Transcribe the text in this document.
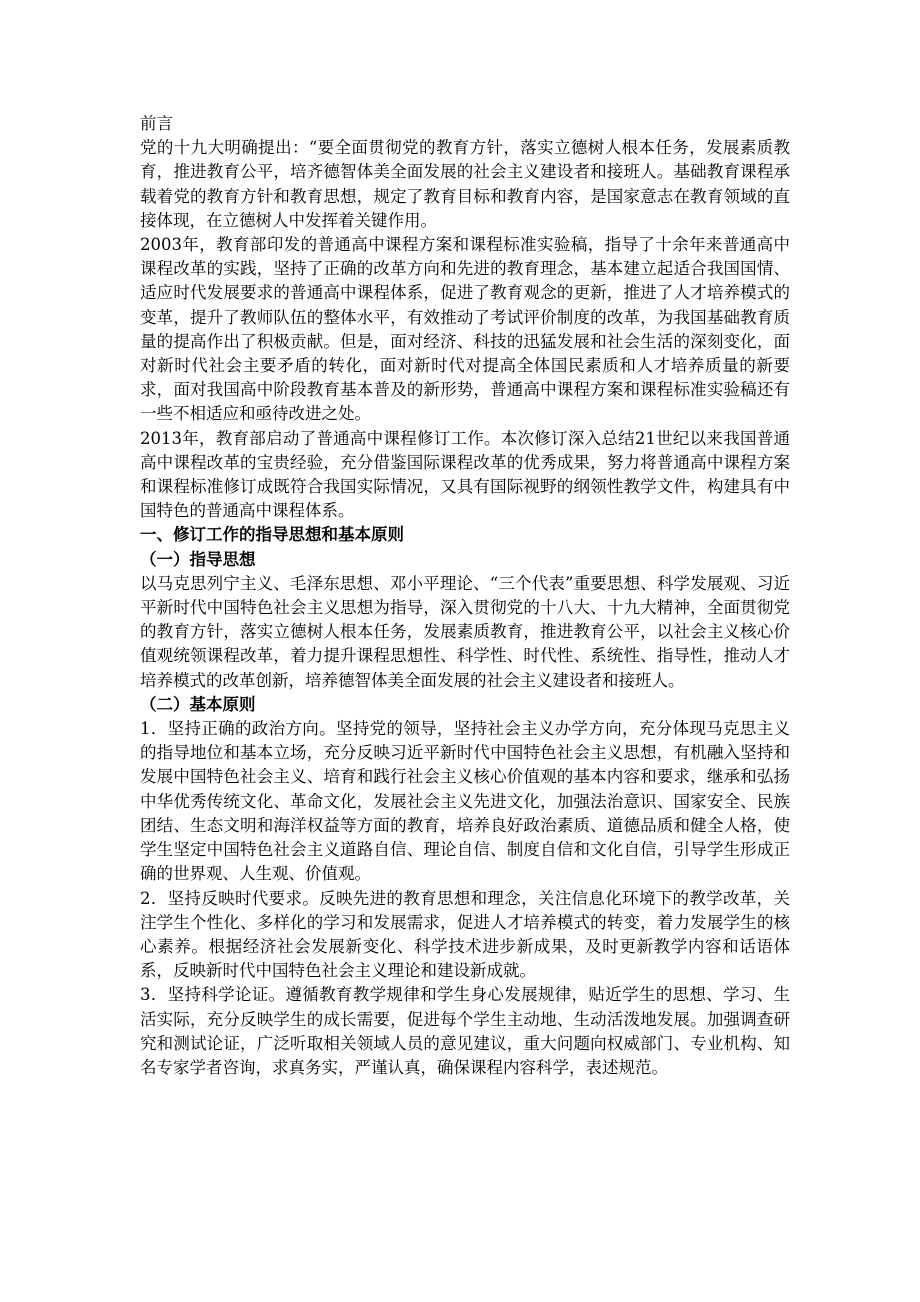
前言

党的十九大明确提出：“要全面贯彻党的教育方针，落实立德树人根本任务，发展素质教育，推进教育公平，培齐德智体美全面发展的社会主义建设者和接班人。基础教育课程承载着党的教育方针和教育思想，规定了教育目标和教育内容，是国家意志在教育领域的直接体现，在立德树人中发挥着关键作用。

2003年，教育部印发的普通高中课程方案和课程标准实验稿，指导了十余年来普通高中课程改革的实践，坚持了正确的改革方向和先进的教育理念，基本建立起适合我国国情、适应时代发展要求的普通高中课程体系，促进了教育观念的更新，推进了人才培养模式的变革，提升了教师队伍的整体水平，有效推动了考试评价制度的改革，为我国基础教育质量的提高作出了积极贡献。但是，面对经济、科技的迅猛发展和社会生活的深刻变化，面对新时代社会主要矛盾的转化，面对新时代对提高全体国民素质和人才培养质量的新要求，面对我国高中阶段教育基本普及的新形势，普通高中课程方案和课程标准实验稿还有一些不相适应和亟待改进之处。

2013年，教育部启动了普通高中课程修订工作。本次修订深入总结21世纪以来我国普通高中课程改革的宝贵经验，充分借鉴国际课程改革的优秀成果，努力将普通高中课程方案和课程标准修订成既符合我国实际情况，又具有国际视野的纲领性教学文件，构建具有中国特色的普通高中课程体系。

一、修订工作的指导思想和基本原则
（一）指导思想

以马克思列宁主义、毛泽东思想、邓小平理论、“三个代表”重要思想、科学发展观、习近平新时代中国特色社会主义思想为指导，深入贯彻党的十八大、十九大精神，全面贯彻党的教育方针，落实立德树人根本任务，发展素质教育，推进教育公平，以社会主义核心价值观统领课程改革，着力提升课程思想性、科学性、时代性、系统性、指导性，推动人才培养模式的改革创新，培养德智体美全面发展的社会主义建设者和接班人。

（二）基本原则

1．坚持正确的政治方向。坚持党的领导，坚持社会主义办学方向，充分体现马克思主义的指导地位和基本立场，充分反映习近平新时代中国特色社会主义思想，有机融入坚持和发展中国特色社会主义、培育和践行社会主义核心价值观的基本内容和要求，继承和弘扬中华优秀传统文化、革命文化，发展社会主义先进文化，加强法治意识、国家安全、民族团结、生态文明和海洋权益等方面的教育，培养良好政治素质、道德品质和健全人格，使学生坚定中国特色社会主义道路自信、理论自信、制度自信和文化自信，引导学生形成正确的世界观、人生观、价值观。

2．坚持反映时代要求。反映先进的教育思想和理念，关注信息化环境下的教学改革，关注学生个性化、多样化的学习和发展需求，促进人才培养模式的转变，着力发展学生的核心素养。根据经济社会发展新变化、科学技术进步新成果，及时更新教学内容和话语体系，反映新时代中国特色社会主义理论和建设新成就。

3．坚持科学论证。遵循教育教学规律和学生身心发展规律，贴近学生的思想、学习、生活实际，充分反映学生的成长需要，促进每个学生主动地、生动活泼地发展。加强调查研究和测试论证，广泛听取相关领域人员的意见建议，重大问题向权威部门、专业机构、知名专家学者咨询，求真务实，严谨认真，确保课程内容科学，表述规范。
